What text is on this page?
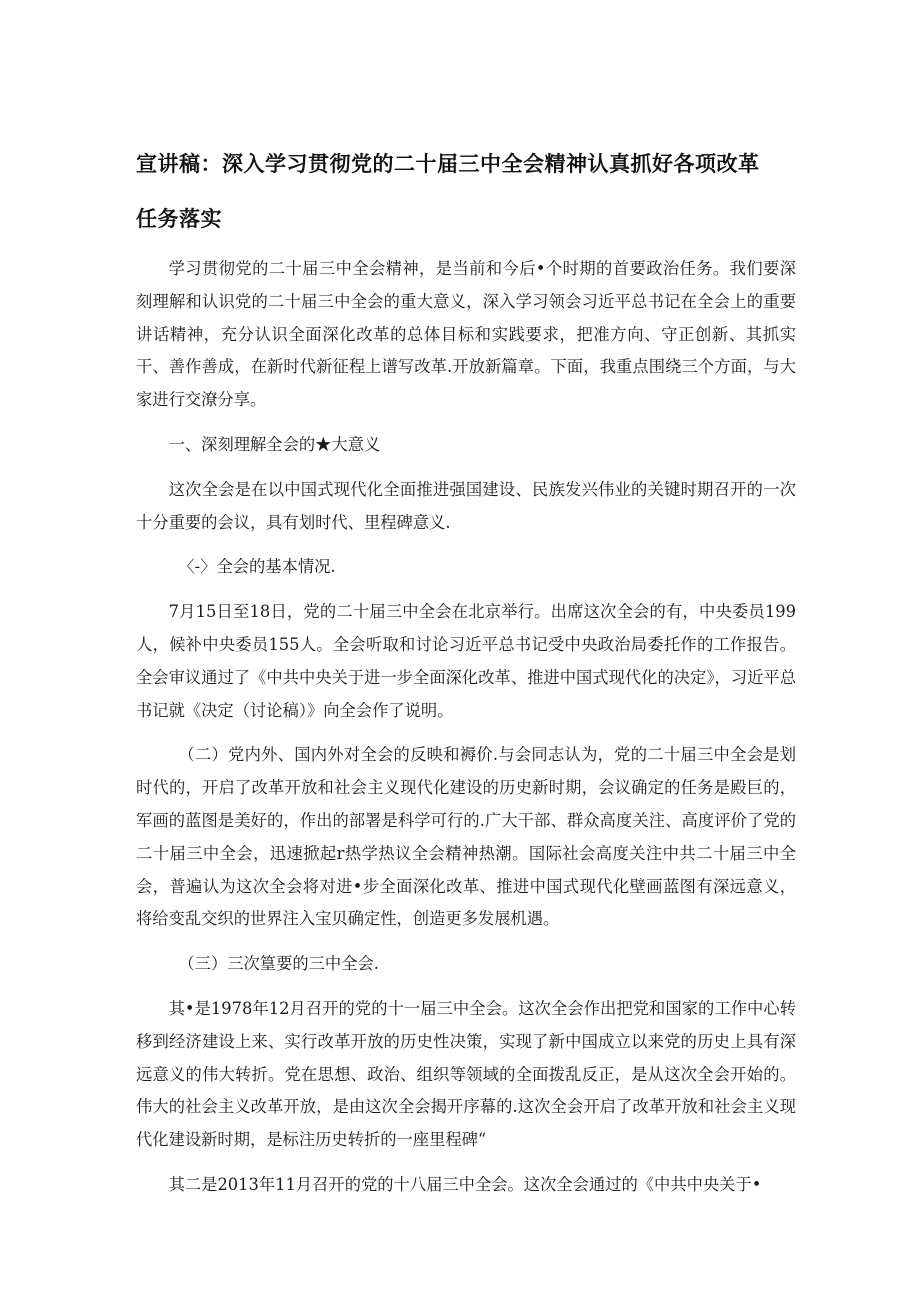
宣讲稿：深入学习贯彻党的二十届三中全会精神认真抓好各项改革
任务落实

学习贯彻党的二十届三中全会精神，是当前和今后•个时期的首要政治任务。我们要深刻理解和认识党的二十届三中全会的重大意义，深入学习领会习近平总书记在全会上的重要讲话精神，充分认识全面深化改革的总体目标和实践要求，把准方向、守正创新、其抓实干、善作善成，在新时代新征程上谱写改革.开放新篇章。下面，我重点围绕三个方面，与大家进行交潦分享。

一、深刻理解全会的★大意义

这次全会是在以中国式现代化全面推进强国建设、民族发兴伟业的关键时期召开的一次十分重要的会议，具有划时代、里程碑意义.

〈-〉全会的基本情况.

7月15日至18日，党的二十届三中全会在北京举行。出席这次全会的有，中央委员199人，候补中央委员155人。全会听取和讨论习近平总书记受中央政治局委托作的工作报告。全会审议通过了《中共中央关于进一步全面深化改革、推进中国式现代化的决定》，习近平总书记就《决定（讨论稿）》向全会作了说明。

（二）党内外、国内外对全会的反映和褥价.与会同志认为，党的二十届三中全会是划时代的，开启了改革开放和社会主义现代化建设的历史新时期，会议确定的任务是殿巨的，军画的蓝图是美好的，作出的部署是科学可行的.广大干部、群众高度关注、高度评价了党的二十届三中全会，迅速掀起r热学热议全会精神热潮。国际社会高度关注中共二十届三中全会，普遍认为这次全会将对进•步全面深化改革、推进中国式现代化壁画蓝图有深远意义，将给变乱交织的世界注入宝贝确定性，创造更多发展机遇。

（三）三次篁要的三中全会.

其•是1978年12月召开的党的十一届三中全会。这次全会作出把党和国家的工作中心转移到经济建设上来、实行改革开放的历史性决策，实现了新中国成立以来党的历史上具有深远意义的伟大转折。党在思想、政治、组织等领域的全面拨乱反正，是从这次全会开始的。伟大的社会主义改革开放，是由这次全会揭开序幕的.这次全会开启了改革开放和社会主义现代化建设新时期，是标注历史转折的一座里程碑“

其二是2013年11月召开的党的十八届三中全会。这次全会通过的《中共中央关于•
